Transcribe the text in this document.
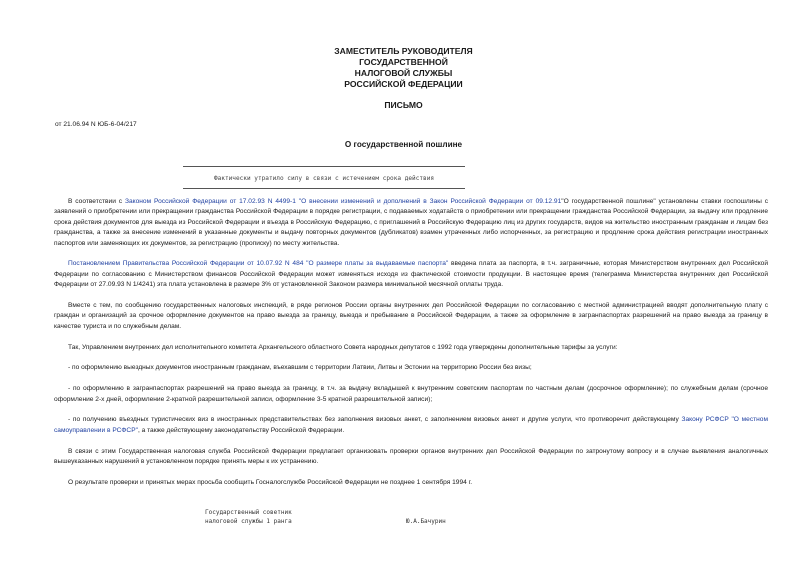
ЗАМЕСТИТЕЛЬ РУКОВОДИТЕЛЯ
ГОСУДАРСТВЕННОЙ
НАЛОГОВОЙ СЛУЖБЫ
РОССИЙСКОЙ ФЕДЕРАЦИИ
ПИСЬМО
от 21.06.94 N ЮБ-6-04/217
О государственной пошлине
Фактически утратило силу в связи с истечением срока действия

В соответствии с Законом Российской Федерации от 17.02.93 N 4499-1 "О внесении изменений и дополнений в Закон Российской Федерации от 09.12.91"О государственной пошлине" установлены ставки госпошлины с заявлений о приобретении или прекращении гражданства Российской Федерации в порядке регистрации, с подаваемых ходатайств о приобретении или прекращении гражданства Российской Федерации, за выдачу или продление срока действия документов для выезда из Российской Федерации и въезда в Российскую Федерацию, с приглашений в Российскую Федерацию лиц из других государств, видов на жительство иностранным гражданам и лицам без гражданства, а также за внесение изменений в указанные документы и выдачу повторных документов (дубликатов) взамен утраченных либо испорченных, за регистрацию и продление срока действия регистрации иностранных паспортов или заменяющих их документов, за регистрацию (прописку) по месту жительства.

Постановлением Правительства Российской Федерации от 10.07.92 N 484 "О размере платы за выдаваемые паспорта" введена плата за паспорта, в т.ч. заграничные, которая Министерством внутренних дел Российской Федерации по согласованию с Министерством финансов Российской Федерации может изменяться исходя из фактической стоимости продукции. В настоящее время (телеграмма Министерства внутренних дел Российской Федерации от 27.09.93 N 1/4241) эта плата установлена в размере 3% от установленной Законом размера минимальной месячной оплаты труда.

Вместе с тем, по сообщению государственных налоговых инспекций, в ряде регионов России органы внутренних дел Российской Федерации по согласованию с местной администрацией вводят дополнительную плату с граждан и организаций за срочное оформление документов на право выезда за границу, выезда и пребывание в Российской Федерации, а также за оформление в загранпаспортах разрешений на право выезда за границу в качестве туриста и по служебным делам.

Так, Управлением внутренних дел исполнительного комитета Архангельского областного Совета народных депутатов с 1992 года утверждены дополнительные тарифы за услуги:

- по оформлению выездных документов иностранным гражданам, въехавшим с территории Латвии, Литвы и Эстонии на территорию России без визы;

- по оформлению в загранпаспортах разрешений на право выезда за границу, в т.ч. за выдачу вкладышей к внутренним советским паспортам по частным делам (досрочное оформление); по служебным делам (срочное оформление 2-х дней, оформление 2-кратной разрешительной записи, оформление 3-5 кратной разрешительной записи);

- по получению въездных туристических виз в иностранных представительствах без заполнения визовых анкет, с заполнением визовых анкет и другие услуги, что противоречит действующему Закону РСФСР "О местном самоуправлении в РСФСР", а также действующему законодательству Российской Федерации.

В связи с этим Государственная налоговая служба Российской Федерации предлагает организовать проверки органов внутренних дел Российской Федерации по затронутому вопросу и в случае выявления аналогичных вышеуказанных нарушений в установленном порядке принять меры к их устранению.

О результате проверки и принятых мерах просьба сообщить Госналогслужбе Российской Федерации не позднее 1 сентября 1994 г.

Государственный советник
налоговой службы 1 ранга	Ю.А.Бачурин
